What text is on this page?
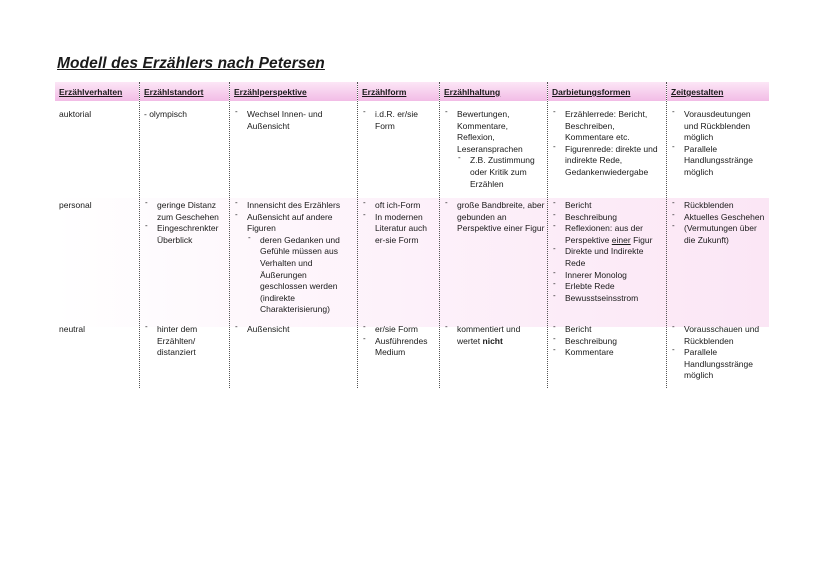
Modell des Erzählers nach Petersen
Erzählverhalten
auktorial
personal
neutral
Erzählstandort
- olympisch
- geringe Distanz zum Geschehen
- Eingeschrenkter Überblick
- hinter dem Erzählten/ distanziert
Erzählperspektive
- Wechsel Innen- und Außensicht
- Innensicht des Erzählers
- Außensicht auf andere Figuren
- deren Gedanken und Gefühle müssen aus Verhalten und Äußerungen geschlossen werden (indirekte Charakterisierung)
- Außensicht
Erzählform
- i.d.R. er/sie Form
- oft ich-Form
- In modernen Literatur auch er-sie Form
- er/sie Form
- Ausführendes Medium
Erzählhaltung
- Bewertungen, Kommentare, Reflexion, Leseransprachen
- Z.B. Zustimmung oder Kritik zum Erzählen
- große Bandbreite, aber gebunden an Perspektive einer Figur
- kommentiert und wertet nicht
Darbietungsformen
- Erzählerrede: Bericht, Beschreiben, Kommentare etc.
- Figurenrede: direkte und indirekte Rede, Gedankenwiedergabe
- Bericht
- Beschreibung
- Reflexionen: aus der Perspektive einer Figur
- Direkte und Indirekte Rede
- Innerer Monolog
- Erlebte Rede
- Bewusstseinsstrom
- Bericht
- Beschreibung
- Kommentare
Zeitgestalten
- Vorausdeutungen und Rückblenden möglich
- Parallele Handlungsstränge möglich
- Rückblenden
- Aktuelles Geschehen
- (Vermutungen über die Zukunft)
- Vorausschauen und Rückblenden
- Parallele Handlungsstränge möglich
